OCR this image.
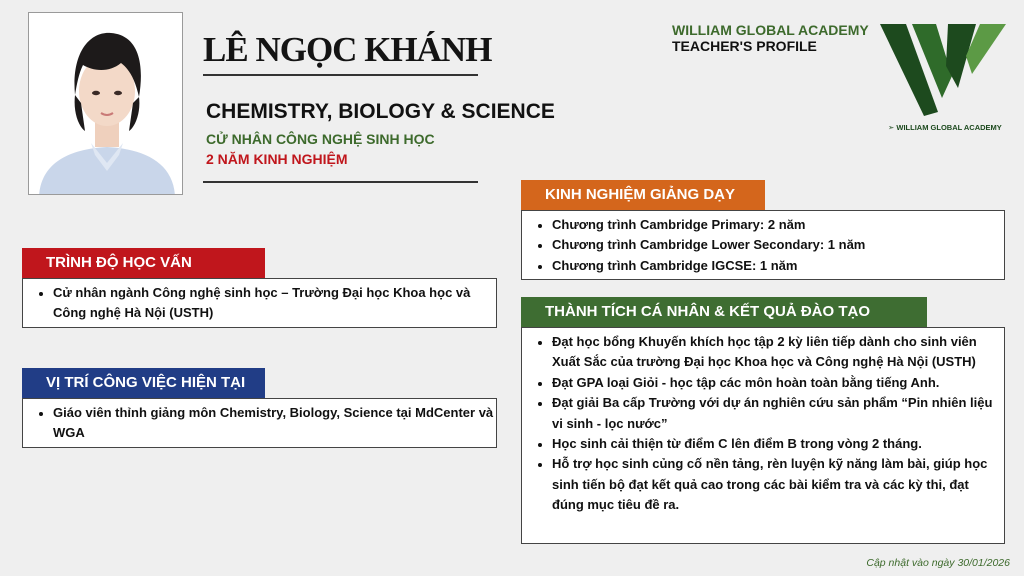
LÊ NGỌC KHÁNH
CHEMISTRY, BIOLOGY & SCIENCE
CỬ NHÂN CÔNG NGHỆ SINH HỌC
2 NĂM KINH NGHIỆM
WILLIAM GLOBAL ACADEMY
TEACHER'S PROFILE
➣ WILLIAM GLOBAL ACADEMY
TRÌNH ĐỘ HỌC VẤN
• Cử nhân ngành Công nghệ sinh học – Trường Đại học Khoa học và Công nghệ Hà Nội (USTH)
VỊ TRÍ CÔNG VIỆC HIỆN TẠI
• Giáo viên thỉnh giảng môn Chemistry, Biology, Science tại MdCenter và WGA
KINH NGHIỆM GIẢNG DẠY
• Chương trình Cambridge Primary: 2 năm
• Chương trình Cambridge Lower Secondary: 1 năm
• Chương trình Cambridge IGCSE: 1 năm
THÀNH TÍCH CÁ NHÂN & KẾT QUẢ ĐÀO TẠO
• Đạt học bổng Khuyến khích học tập 2 kỳ liên tiếp dành cho sinh viên Xuất Sắc của trường Đại học Khoa học và Công nghệ Hà Nội (USTH)
• Đạt GPA loại Giỏi - học tập các môn hoàn toàn bằng tiếng Anh.
• Đạt giải Ba cấp Trường với dự án nghiên cứu sản phẩm “Pin nhiên liệu vi sinh - lọc nước”
• Học sinh cải thiện từ điểm C lên điểm B trong vòng 2 tháng.
• Hỗ trợ học sinh củng cố nền tảng, rèn luyện kỹ năng làm bài, giúp học sinh tiến bộ đạt kết quả cao trong các bài kiểm tra và các kỳ thi, đạt đúng mục tiêu đề ra.
Cập nhật vào ngày 30/01/2026
